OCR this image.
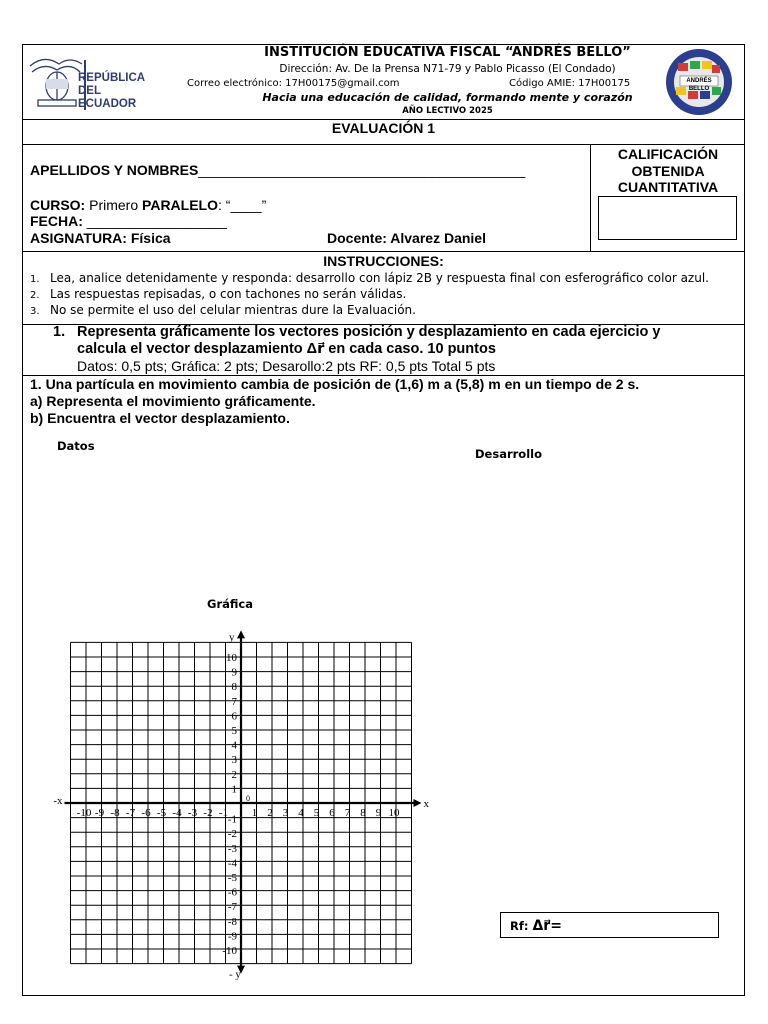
REPÚBLICA
DEL ECUADOR
INSTITUCIÓN EDUCATIVA FISCAL “ANDRÉS BELLO”
Dirección: Av. De la Prensa N71-79 y Pablo Picasso (El Condado)
Correo electrónico: 17H00175@gmail.com	Código AMIE: 17H00175
Hacia una educación de calidad, formando mente y corazón
AÑO LECTIVO 2025
ANDRÉS BELLO
EVALUACIÓN 1
APELLIDOS Y NOMBRES__________________________________________
CURSO: Primero PARALELO: “____”
FECHA: __________________
ASIGNATURA: Física	Docente: Alvarez Daniel
CALIFICACIÓN
OBTENIDA
CUANTITATIVA
INSTRUCCIONES:
1. Lea, analice detenidamente y responda: desarrollo con lápiz 2B y respuesta final con esferográfico color azul.
2. Las respuestas repisadas, o con tachones no serán válidas.
3. No se permite el uso del celular mientras dure la Evaluación.
1. Representa gráficamente los vectores posición y desplazamiento en cada ejercicio y
calcula el vector desplazamiento Δr⃗ en cada caso. 10 puntos
Datos: 0,5 pts; Gráfica: 2 pts; Desarollo:2 pts RF: 0,5 pts Total 5 pts
1. Una partícula en movimiento cambia de posición de (1,6) m a (5,8) m en un tiempo de 2 s.
a) Representa el movimiento gráficamente.
b) Encuentra el vector desplazamiento.
Datos
Desarrollo
Gráfica
Rf: Δr⃗=
-10 -9 -8 -7 -6 -5 -4 -3 -2 -1 1 2 3 4 5 6 7 8 9 10
10
9
8
7
6
5
4
3
2
1
-1
-2
-3
-4
-5
-6
-7
-8
-9
-10
0	x
-x
y
- y
